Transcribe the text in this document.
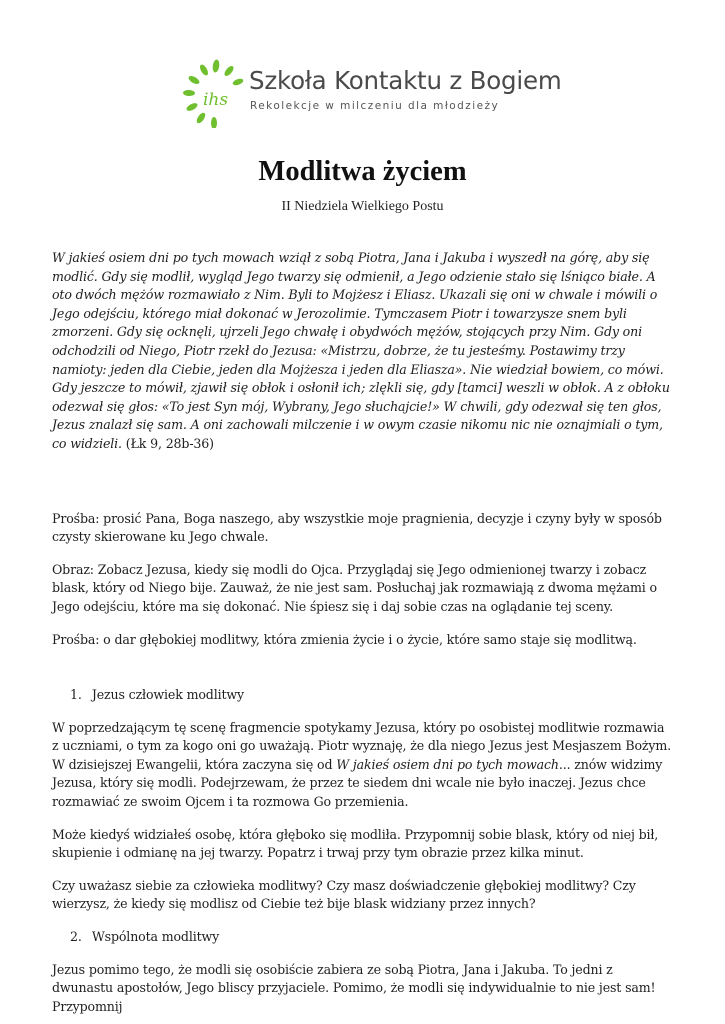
ihs
Szkoła Kontaktu z Bogiem
Rekolekcje w milczeniu dla młodzieży
Modlitwa życiem
II Niedziela Wielkiego Postu

W jakieś osiem dni po tych mowach wziął z sobą Piotra, Jana i Jakuba i wyszedł na górę, aby się modlić. Gdy się modlił, wygląd Jego twarzy się odmienił, a Jego odzienie stało się lśniąco białe. A oto dwóch mężów rozmawiało z Nim. Byli to Mojżesz i Eliasz. Ukazali się oni w chwale i mówili o Jego odejściu, którego miał dokonać w Jerozolimie. Tymczasem Piotr i towarzysze snem byli zmorzeni. Gdy się ocknęli, ujrzeli Jego chwałę i obydwóch mężów, stojących przy Nim. Gdy oni odchodzili od Niego, Piotr rzekł do Jezusa: «Mistrzu, dobrze, że tu jesteśmy. Postawimy trzy namioty: jeden dla Ciebie, jeden dla Mojżesza i jeden dla Eliasza». Nie wiedział bowiem, co mówi. Gdy jeszcze to mówił, zjawił się obłok i osłonił ich; zlękli się, gdy [tamci] weszli w obłok. A z obłoku odezwał się głos: «To jest Syn mój, Wybrany, Jego słuchajcie!» W chwili, gdy odezwał się ten głos, Jezus znalazł się sam. A oni zachowali milczenie i w owym czasie nikomu nic nie oznajmiali o tym, co widzieli. (Łk 9, 28b-36)

Prośba: prosić Pana, Boga naszego, aby wszystkie moje pragnienia, decyzje i czyny były w sposób czysty skierowane ku Jego chwale.

Obraz: Zobacz Jezusa, kiedy się modli do Ojca. Przyglądaj się Jego odmienionej twarzy i zobacz blask, który od Niego bije. Zauważ, że nie jest sam. Posłuchaj jak rozmawiają z dwoma mężami o Jego odejściu, które ma się dokonać. Nie śpiesz się i daj sobie czas na oglądanie tej sceny.

Prośba: o dar głębokiej modlitwy, która zmienia życie i o życie, które samo staje się modlitwą.

1. Jezus człowiek modlitwy

W poprzedzającym tę scenę fragmencie spotykamy Jezusa, który po osobistej modlitwie rozmawia z uczniami, o tym za kogo oni go uważają. Piotr wyznaję, że dla niego Jezus jest Mesjaszem Bożym. W dzisiejszej Ewangelii, która zaczyna się od W jakieś osiem dni po tych mowach... znów widzimy Jezusa, który się modli. Podejrzewam, że przez te siedem dni wcale nie było inaczej. Jezus chce rozmawiać ze swoim Ojcem i ta rozmowa Go przemienia.

Może kiedyś widziałeś osobę, która głęboko się modliła. Przypomnij sobie blask, który od niej bił, skupienie i odmianę na jej twarzy. Popatrz i trwaj przy tym obrazie przez kilka minut.

Czy uważasz siebie za człowieka modlitwy? Czy masz doświadczenie głębokiej modlitwy? Czy wierzysz, że kiedy się modlisz od Ciebie też bije blask widziany przez innych?

2. Wspólnota modlitwy

Jezus pomimo tego, że modli się osobiście zabiera ze sobą Piotra, Jana i Jakuba. To jedni z dwunastu apostołów, Jego bliscy przyjaciele. Pomimo, że modli się indywidualnie to nie jest sam! Przypomnij
